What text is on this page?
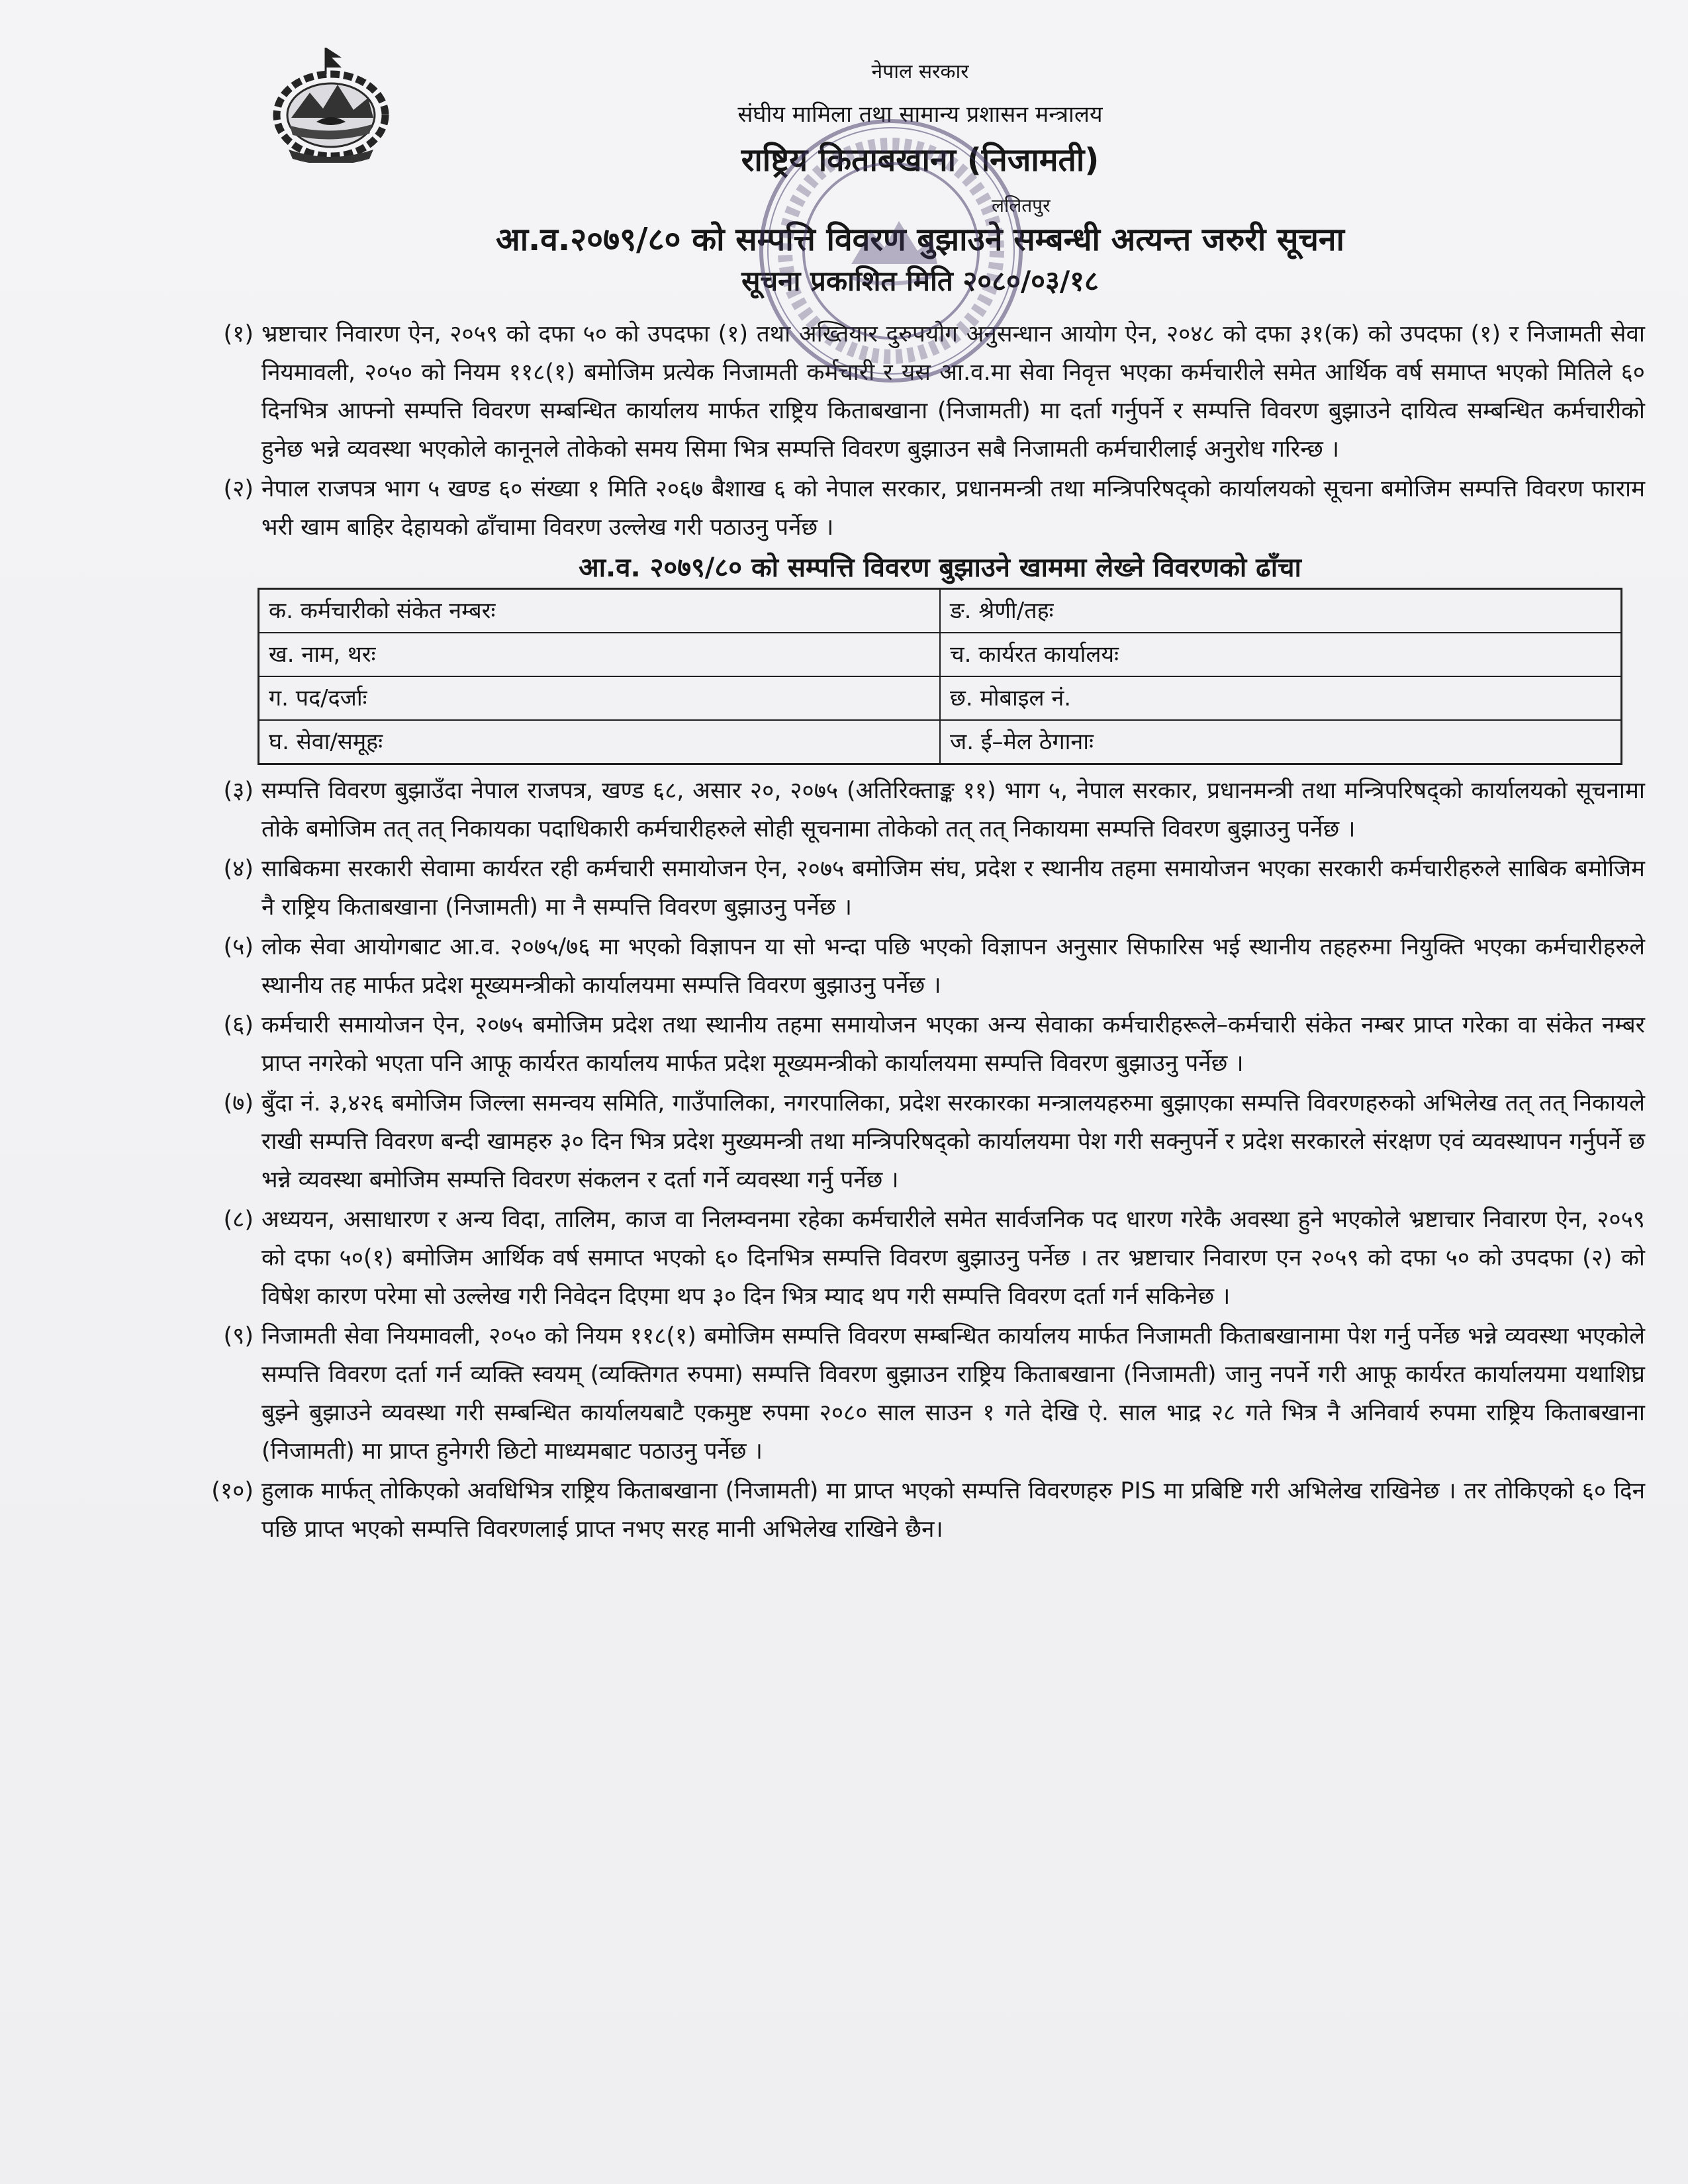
नेपाल सरकार
संघीय मामिला तथा सामान्य प्रशासन मन्त्रालय
राष्ट्रिय किताबखाना (निजामती)
ललितपुर
आ.व.२०७९/८० को सम्पत्ति विवरण बुझाउने सम्बन्धी अत्यन्त जरुरी सूचना
सूचना प्रकाशित मिति २०८०/०३/१८
(१) भ्रष्टाचार निवारण ऐन, २०५९ को दफा ५० को उपदफा (१) तथा अख्तियार दुरुपयोग अनुसन्धान आयोग ऐन, २०४८ को दफा ३१(क) को उपदफा (१) र निजामती सेवा नियमावली, २०५० को नियम ११८(१) बमोजिम प्रत्येक निजामती कर्मचारी र यस आ.व.मा सेवा निवृत्त भएका कर्मचारीले समेत आर्थिक वर्ष समाप्त भएको मितिले ६० दिनभित्र आफ्नो सम्पत्ति विवरण सम्बन्धित कार्यालय मार्फत राष्ट्रिय किताबखाना (निजामती) मा दर्ता गर्नुपर्ने र सम्पत्ति विवरण बुझाउने दायित्व सम्बन्धित कर्मचारीको हुनेछ भन्ने व्यवस्था भएकोले कानूनले तोकेको समय सिमा भित्र सम्पत्ति विवरण बुझाउन सबै निजामती कर्मचारीलाई अनुरोध गरिन्छ ।
(२) नेपाल राजपत्र भाग ५ खण्ड ६० संख्या १ मिति २०६७ बैशाख ६ को नेपाल सरकार, प्रधानमन्त्री तथा मन्त्रिपरिषद्को कार्यालयको सूचना बमोजिम सम्पत्ति विवरण फाराम भरी खाम बाहिर देहायको ढाँचामा विवरण उल्लेख गरी पठाउनु पर्नेछ ।
आ.व. २०७९/८० को सम्पत्ति विवरण बुझाउने खाममा लेख्ने विवरणको ढाँचा
क. कर्मचारीको संकेत नम्बरः	ङ. श्रेणी/तहः
ख. नाम, थरः	च. कार्यरत कार्यालयः
ग. पद/दर्जाः	छ. मोबाइल नं.
घ. सेवा/समूहः	ज. ई–मेल ठेगानाः
(३) सम्पत्ति विवरण बुझाउँदा नेपाल राजपत्र, खण्ड ६८, असार २०, २०७५ (अतिरिक्ताङ्क ११) भाग ५, नेपाल सरकार, प्रधानमन्त्री तथा मन्त्रिपरिषद्को कार्यालयको सूचनामा तोके बमोजिम तत् तत् निकायका पदाधिकारी कर्मचारीहरुले सोही सूचनामा तोकेको तत् तत् निकायमा सम्पत्ति विवरण बुझाउनु पर्नेछ ।
(४) साबिकमा सरकारी सेवामा कार्यरत रही कर्मचारी समायोजन ऐन, २०७५ बमोजिम संघ, प्रदेश र स्थानीय तहमा समायोजन भएका सरकारी कर्मचारीहरुले साबिक बमोजिम नै राष्ट्रिय किताबखाना (निजामती) मा नै सम्पत्ति विवरण बुझाउनु पर्नेछ ।
(५) लोक सेवा आयोगबाट आ.व. २०७५/७६ मा भएको विज्ञापन या सो भन्दा पछि भएको विज्ञापन अनुसार सिफारिस भई स्थानीय तहहरुमा नियुक्ति भएका कर्मचारीहरुले स्थानीय तह मार्फत प्रदेश मूख्यमन्त्रीको कार्यालयमा सम्पत्ति विवरण बुझाउनु पर्नेछ ।
(६) कर्मचारी समायोजन ऐन, २०७५ बमोजिम प्रदेश तथा स्थानीय तहमा समायोजन भएका अन्य सेवाका कर्मचारीहरूले–कर्मचारी संकेत नम्बर प्राप्त गरेका वा संकेत नम्बर प्राप्त नगरेको भएता पनि आफू कार्यरत कार्यालय मार्फत प्रदेश मूख्यमन्त्रीको कार्यालयमा सम्पत्ति विवरण बुझाउनु पर्नेछ ।
(७) बुँदा नं. ३,४२६ बमोजिम जिल्ला समन्वय समिति, गाउँपालिका, नगरपालिका, प्रदेश सरकारका मन्त्रालयहरुमा बुझाएका सम्पत्ति विवरणहरुको अभिलेख तत् तत् निकायले राखी सम्पत्ति विवरण बन्दी खामहरु ३० दिन भित्र प्रदेश मुख्यमन्त्री तथा मन्त्रिपरिषद्को कार्यालयमा पेश गरी सक्नुपर्ने र प्रदेश सरकारले संरक्षण एवं व्यवस्थापन गर्नुपर्ने छ भन्ने व्यवस्था बमोजिम सम्पत्ति विवरण संकलन र दर्ता गर्ने व्यवस्था गर्नु पर्नेछ ।
(८) अध्ययन, असाधारण र अन्य विदा, तालिम, काज वा निलम्वनमा रहेका कर्मचारीले समेत सार्वजनिक पद धारण गरेकै अवस्था हुने भएकोले भ्रष्टाचार निवारण ऐन, २०५९ को दफा ५०(१) बमोजिम आर्थिक वर्ष समाप्त भएको ६० दिनभित्र सम्पत्ति विवरण बुझाउनु पर्नेछ । तर भ्रष्टाचार निवारण एन २०५९ को दफा ५० को उपदफा (२) को विषेश कारण परेमा सो उल्लेख गरी निवेदन दिएमा थप ३० दिन भित्र म्याद थप गरी सम्पत्ति विवरण दर्ता गर्न सकिनेछ ।
(९) निजामती सेवा नियमावली, २०५० को नियम ११८(१) बमोजिम सम्पत्ति विवरण सम्बन्धित कार्यालय मार्फत निजामती किताबखानामा पेश गर्नु पर्नेछ भन्ने व्यवस्था भएकोले सम्पत्ति विवरण दर्ता गर्न व्यक्ति स्वयम् (व्यक्तिगत रुपमा) सम्पत्ति विवरण बुझाउन राष्ट्रिय किताबखाना (निजामती) जानु नपर्ने गरी आफू कार्यरत कार्यालयमा यथाशिघ्र बुझ्ने बुझाउने व्यवस्था गरी सम्बन्धित कार्यालयबाटै एकमुष्ट रुपमा २०८० साल साउन १ गते देखि ऐ. साल भाद्र २८ गते भित्र नै अनिवार्य रुपमा राष्ट्रिय किताबखाना (निजामती) मा प्राप्त हुनेगरी छिटो माध्यमबाट पठाउनु पर्नेछ ।
(१०) हुलाक मार्फत् तोकिएको अवधिभित्र राष्ट्रिय किताबखाना (निजामती) मा प्राप्त भएको सम्पत्ति विवरणहरु PIS मा प्रबिष्टि गरी अभिलेख राखिनेछ । तर तोकिएको ६० दिन पछि प्राप्त भएको सम्पत्ति विवरणलाई प्राप्त नभए सरह मानी अभिलेख राखिने छैन।
